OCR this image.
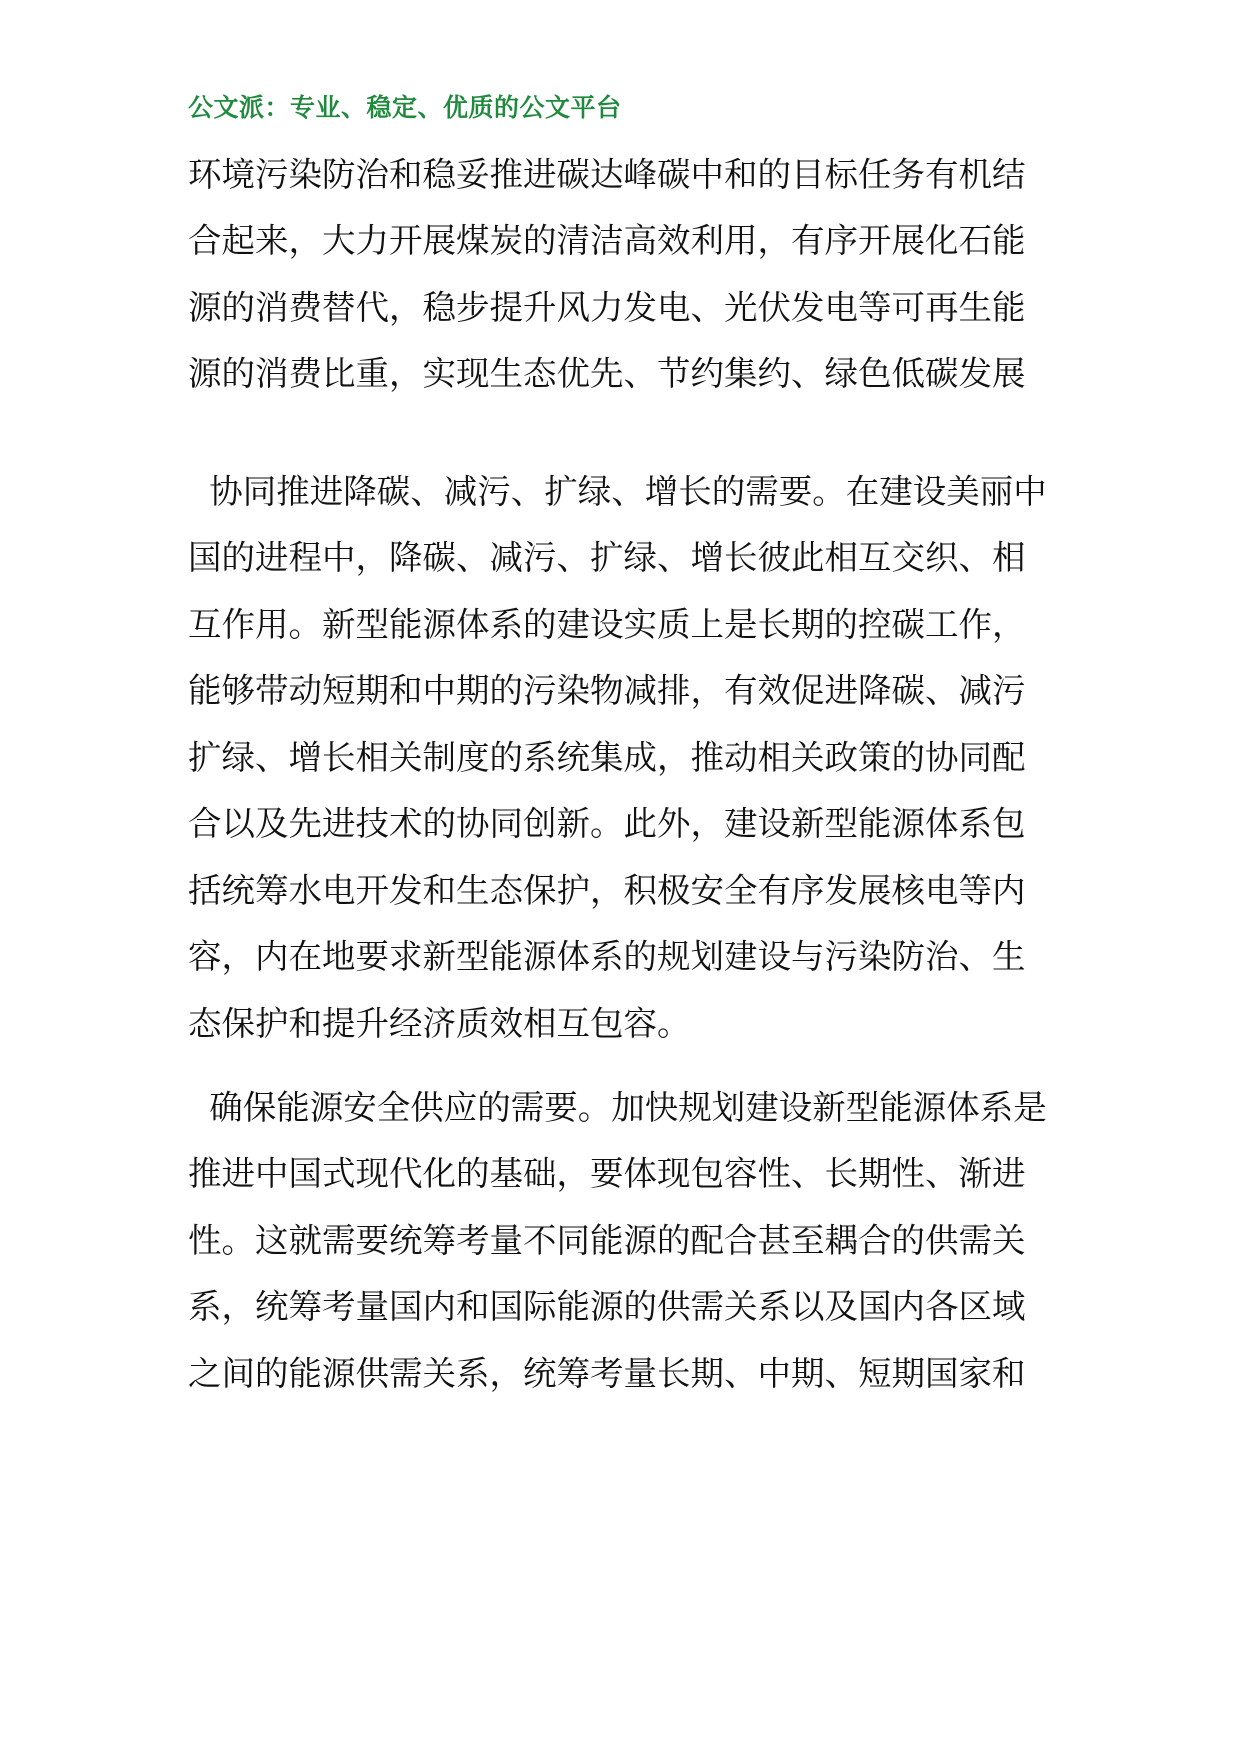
公文派：专业、稳定、优质的公文平台
环境污染防治和稳妥推进碳达峰碳中和的目标任务有机结
合起来，大力开展煤炭的清洁高效利用，有序开展化石能
源的消费替代，稳步提升风力发电、光伏发电等可再生能
源的消费比重，实现生态优先、节约集约、绿色低碳发展
协同推进降碳、减污、扩绿、增长的需要。在建设美丽中
国的进程中，降碳、减污、扩绿、增长彼此相互交织、相
互作用。新型能源体系的建设实质上是长期的控碳工作，
能够带动短期和中期的污染物减排，有效促进降碳、减污
扩绿、增长相关制度的系统集成，推动相关政策的协同配
合以及先进技术的协同创新。此外，建设新型能源体系包
括统筹水电开发和生态保护，积极安全有序发展核电等内
容，内在地要求新型能源体系的规划建设与污染防治、生
态保护和提升经济质效相互包容。
确保能源安全供应的需要。加快规划建设新型能源体系是
推进中国式现代化的基础，要体现包容性、长期性、渐进
性。这就需要统筹考量不同能源的配合甚至耦合的供需关
系，统筹考量国内和国际能源的供需关系以及国内各区域
之间的能源供需关系，统筹考量长期、中期、短期国家和
